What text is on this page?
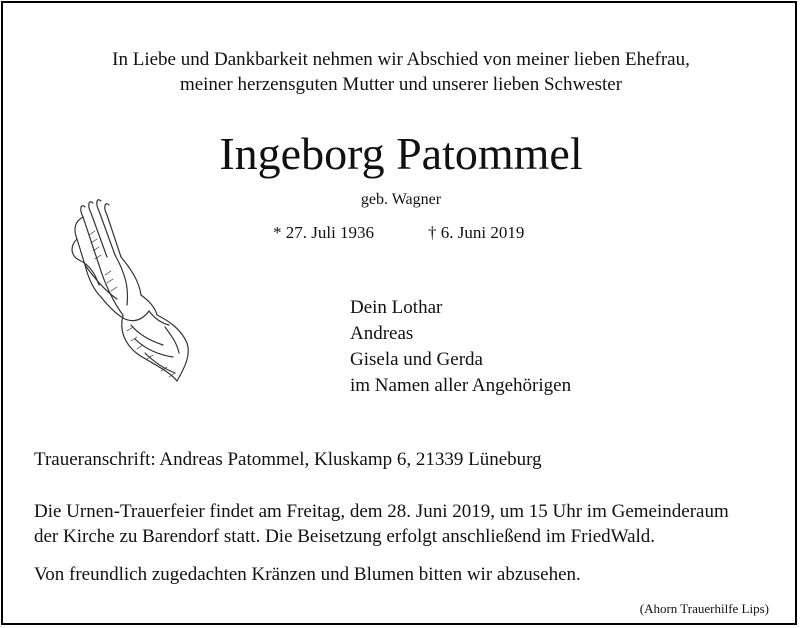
In Liebe und Dankbarkeit nehmen wir Abschied von meiner lieben Ehefrau,
meiner herzensguten Mutter und unserer lieben Schwester
Ingeborg Patommel
geb. Wagner
* 27. Juli 1936	† 6. Juni 2019
Dein Lothar
Andreas
Gisela und Gerda
im Namen aller Angehörigen
Traueranschrift: Andreas Patommel, Kluskamp 6, 21339 Lüneburg
Die Urnen-Trauerfeier findet am Freitag, dem 28. Juni 2019, um 15 Uhr im Gemeinderaum
der Kirche zu Barendorf statt. Die Beisetzung erfolgt anschließend im FriedWald.
Von freundlich zugedachten Kränzen und Blumen bitten wir abzusehen.
(Ahorn Trauerhilfe Lips)
